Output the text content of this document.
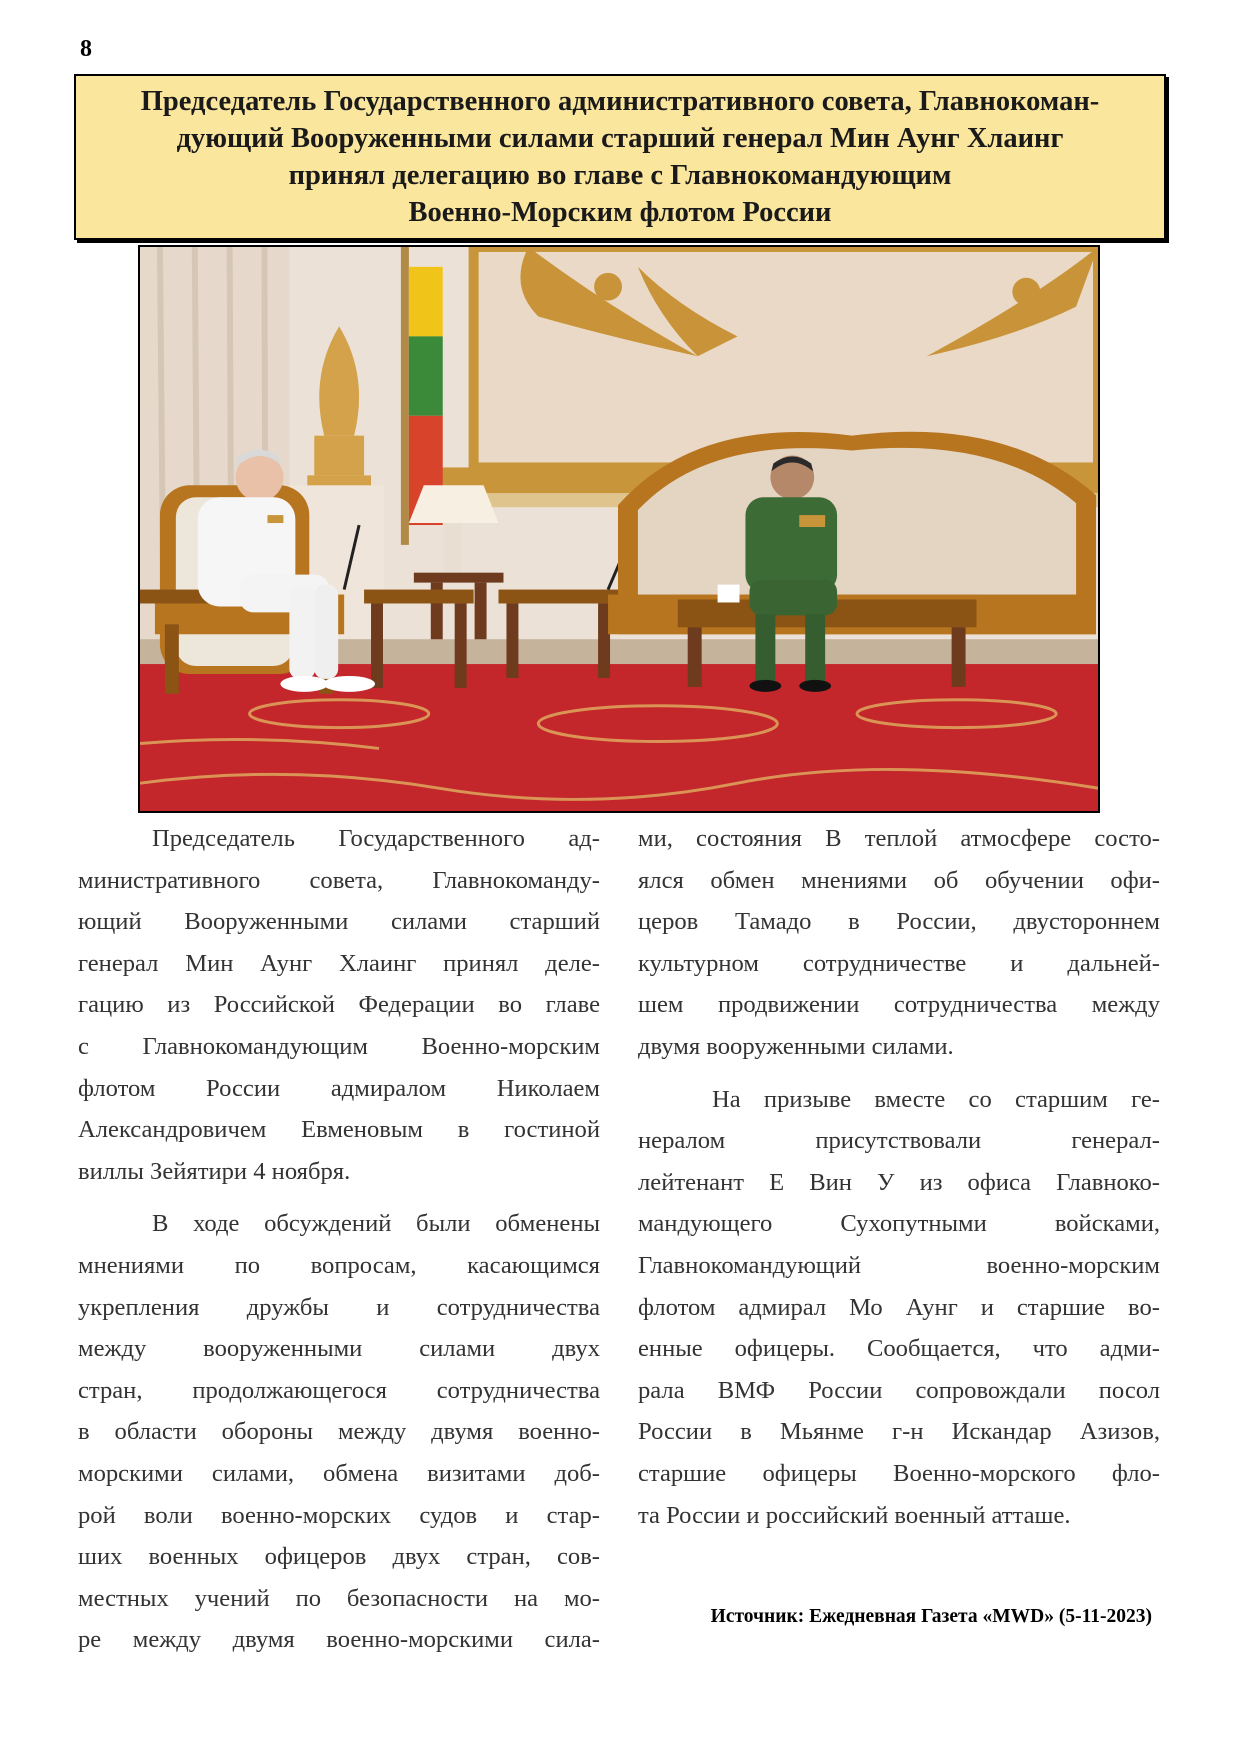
8
Председатель Государственного административного совета, Главнокоман-
дующий Вооруженными силами старший генерал Мин Аунг Хлаинг
принял делегацию во главе с Главнокомандующим
Военно-Морским флотом России
Председатель Государственного ад-
министративного совета, Главнокоманду-
ющий Вооруженными силами старший
генерал Мин Аунг Хлаинг принял деле-
гацию из Российской Федерации во главе
с Главнокомандующим Военно-морским
флотом России адмиралом Николаем
Александровичем Евменовым в гостиной
виллы Зейятири 4 ноября.
В ходе обсуждений были обменены
мнениями по вопросам, касающимся
укрепления дружбы и сотрудничества
между вооруженными силами двух
стран, продолжающегося сотрудничества
в области обороны между двумя военно-
морскими силами, обмена визитами доб-
рой воли военно-морских судов и стар-
ших военных офицеров двух стран, сов-
местных учений по безопасности на мо-
ре между двумя военно-морскими сила-
ми, состояния В теплой атмосфере состо-
ялся обмен мнениями об обучении офи-
церов Тамадо в России, двустороннем
культурном сотрудничестве и дальней-
шем продвижении сотрудничества между
двумя вооруженными силами.
На призыве вместе со старшим ге-
нералом присутствовали генерал-
лейтенант Е Вин У из офиса Главноко-
мандующего Сухопутными войсками,
Главнокомандующий военно-морским
флотом адмирал Мо Аунг и старшие во-
енные офицеры. Сообщается, что адми-
рала ВМФ России сопровождали посол
России в Мьянме г-н Искандар Азизов,
старшие офицеры Военно-морского фло-
та России и российский военный атташе.
Источник: Ежедневная Газета «MWD» (5-11-2023)
